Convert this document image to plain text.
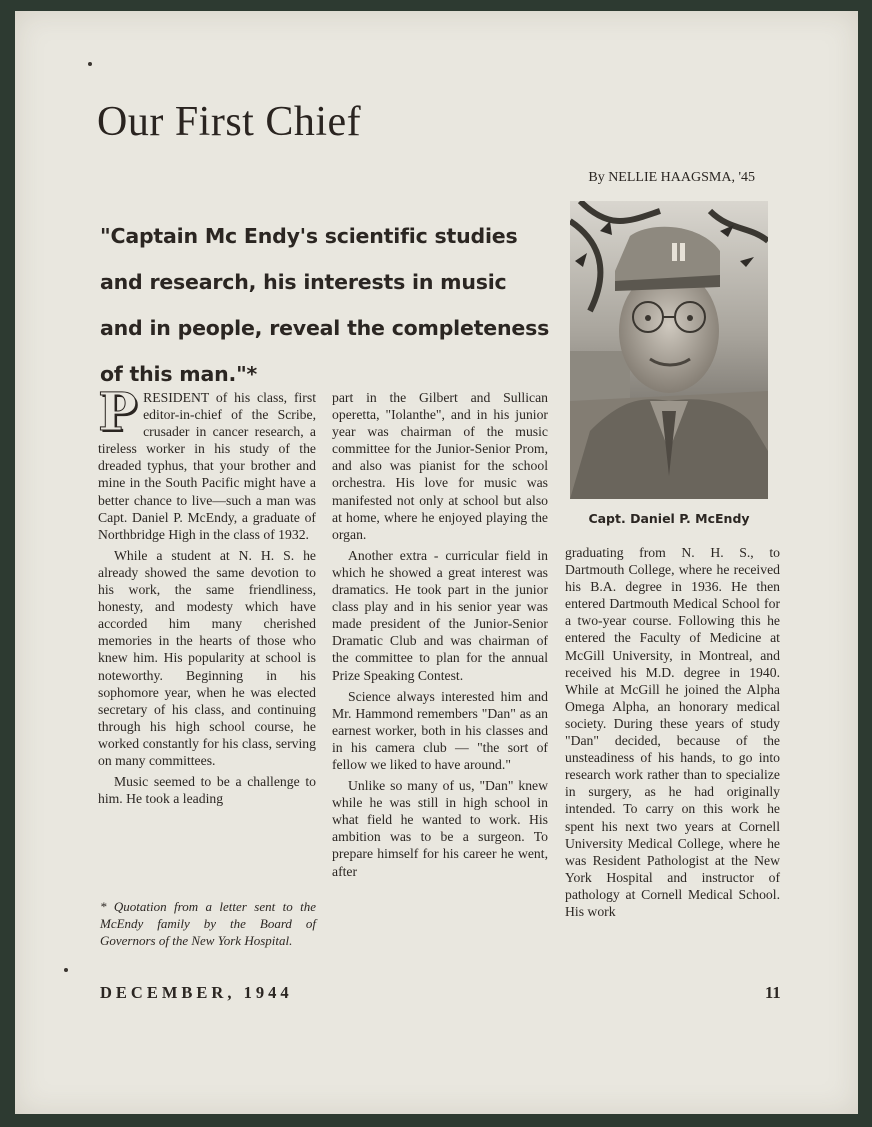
Our First Chief
By NELLIE HAAGSMA, '45
"Captain Mc Endy's scientific studies and research, his interests in music and in people, reveal the completeness of this man."*
Capt. Daniel P. McEndy

PRESIDENT of his class, first editor-in-chief of the Scribe, crusader in cancer research, a tireless worker in his study of the dreaded typhus, that your brother and mine in the South Pacific might have a better chance to live—such a man was Capt. Daniel P. McEndy, a graduate of Northbridge High in the class of 1932.

While a student at N. H. S. he already showed the same devotion to his work, the same friendliness, honesty, and modesty which have accorded him many cherished memories in the hearts of those who knew him. His popularity at school is noteworthy. Beginning in his sophomore year, when he was elected secretary of his class, and continuing through his high school course, he worked constantly for his class, serving on many committees.

Music seemed to be a challenge to him. He took a leading

* Quotation from a letter sent to the McEndy family by the Board of Governors of the New York Hospital.

part in the Gilbert and Sullican operetta, "Iolanthe", and in his junior year was chairman of the music committee for the Junior-Senior Prom, and also was pianist for the school orchestra. His love for music was manifested not only at school but also at home, where he enjoyed playing the organ.

Another extra - curricular field in which he showed a great interest was dramatics. He took part in the junior class play and in his senior year was made president of the Junior-Senior Dramatic Club and was chairman of the committee to plan for the annual Prize Speaking Contest.

Science always interested him and Mr. Hammond remembers "Dan" as an earnest worker, both in his classes and in his camera club — "the sort of fellow we liked to have around."

Unlike so many of us, "Dan" knew while he was still in high school in what field he wanted to work. His ambition was to be a surgeon. To prepare himself for his career he went, after

graduating from N. H. S., to Dartmouth College, where he received his B.A. degree in 1936. He then entered Dartmouth Medical School for a two-year course. Following this he entered the Faculty of Medicine at McGill University, in Montreal, and received his M.D. degree in 1940. While at McGill he joined the Alpha Omega Alpha, an honorary medical society. During these years of study "Dan" decided, because of the unsteadiness of his hands, to go into research work rather than to specialize in surgery, as he had originally intended. To carry on this work he spent his next two years at Cornell University Medical College, where he was Resident Pathologist at the New York Hospital and instructor of pathology at Cornell Medical School. His work

DECEMBER, 1944	11
